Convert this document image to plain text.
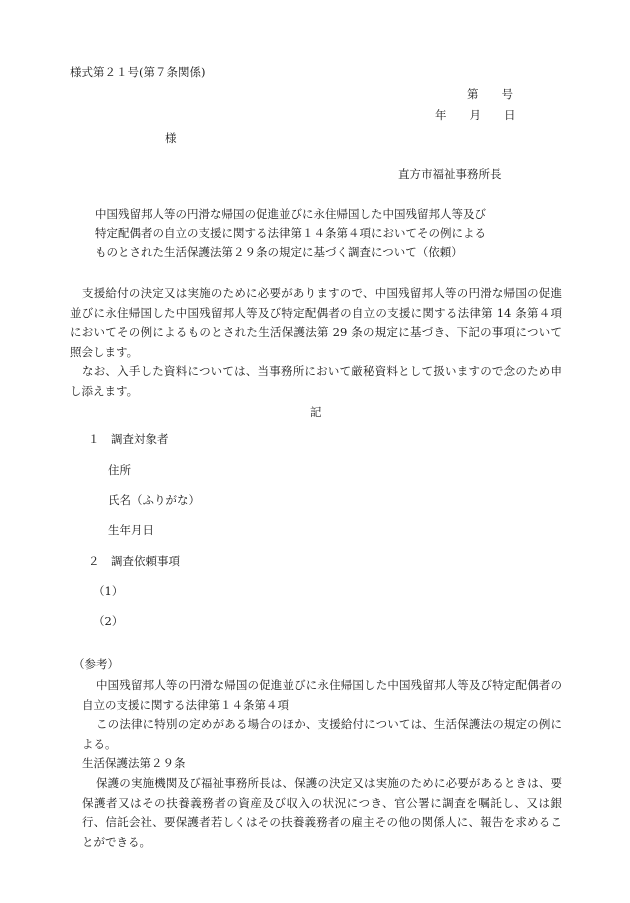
様式第２１号(第７条関係)
第　　号
年　　月　　日
様
直方市福祉事務所長
中国残留邦人等の円滑な帰国の促進並びに永住帰国した中国残留邦人等及び
特定配偶者の自立の支援に関する法律第１４条第４項においてその例による
ものとされた生活保護法第２９条の規定に基づく調査について（依頼）
支援給付の決定又は実施のために必要がありますので、中国残留邦人等の円滑な帰国の促進並びに永住帰国した中国残留邦人等及び特定配偶者の自立の支援に関する法律第 14 条第４項においてその例によるものとされた生活保護法第 29 条の規定に基づき、下記の事項について照会します。
なお、入手した資料については、当事務所において厳秘資料として扱いますので念のため申し添えます。
記
１　調査対象者
住所
氏名（ふりがな）
生年月日
２　調査依頼事項
（1）
（2）
（参考）
中国残留邦人等の円滑な帰国の促進並びに永住帰国した中国残留邦人等及び特定配偶者の自立の支援に関する法律第１４条第４項
この法律に特別の定めがある場合のほか、支援給付については、生活保護法の規定の例による。
生活保護法第２９条
保護の実施機関及び福祉事務所長は、保護の決定又は実施のために必要があるときは、要保護者又はその扶養義務者の資産及び収入の状況につき、官公署に調査を嘱託し、又は銀行、信託会社、要保護者若しくはその扶養義務者の雇主その他の関係人に、報告を求めることができる。
